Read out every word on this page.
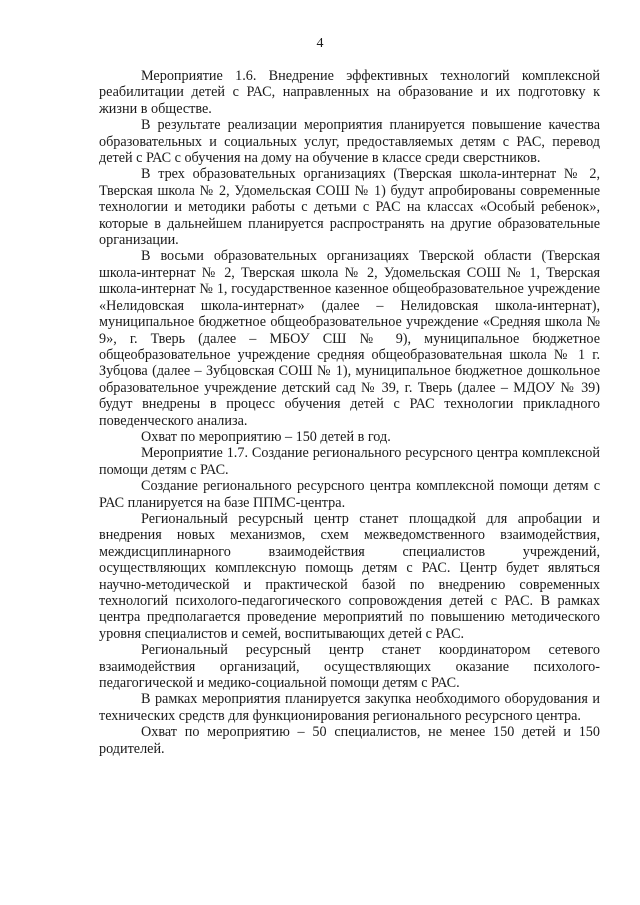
4

Мероприятие 1.6. Внедрение эффективных технологий комплексной реабилитации детей с РАС, направленных на образование и их подготовку к жизни в обществе.

В результате реализации мероприятия планируется повышение качества образовательных и социальных услуг, предоставляемых детям с РАС, перевод детей с РАС с обучения на дому на обучение в классе среди сверстников.

В трех образовательных организациях (Тверская школа-интернат № 2, Тверская школа № 2, Удомельская СОШ № 1) будут апробированы современные технологии и методики работы с детьми с РАС на классах «Особый ребенок», которые в дальнейшем планируется распространять на другие образовательные организации.

В восьми образовательных организациях Тверской области (Тверская школа-интернат № 2, Тверская школа № 2, Удомельская СОШ № 1, Тверская школа-интернат № 1, государственное казенное общеобразовательное учреждение «Нелидовская школа-интернат» (далее – Нелидовская школа-интернат), муниципальное бюджетное общеобразовательное учреждение «Средняя школа № 9», г. Тверь (далее – МБОУ СШ № 9), муниципальное бюджетное общеобразовательное учреждение средняя общеобразовательная школа № 1 г. Зубцова (далее – Зубцовская СОШ № 1), муниципальное бюджетное дошкольное образовательное учреждение детский сад № 39, г. Тверь (далее – МДОУ № 39) будут внедрены в процесс обучения детей с РАС технологии прикладного поведенческого анализа.

Охват по мероприятию – 150 детей в год.

Мероприятие 1.7. Создание регионального ресурсного центра комплексной помощи детям с РАС.

Создание регионального ресурсного центра комплексной помощи детям с РАС планируется на базе ППМС-центра.

Региональный ресурсный центр станет площадкой для апробации и внедрения новых механизмов, схем межведомственного взаимодействия, междисциплинарного взаимодействия специалистов учреждений, осуществляющих комплексную помощь детям с РАС. Центр будет являться научно-методической и практической базой по внедрению современных технологий психолого-педагогического сопровождения детей с РАС. В рамках центра предполагается проведение мероприятий по повышению методического уровня специалистов и семей, воспитывающих детей с РАС.

Региональный ресурсный центр станет координатором сетевого взаимодействия организаций, осуществляющих оказание психолого-педагогической и медико-социальной помощи детям с РАС.

В рамках мероприятия планируется закупка необходимого оборудования и технических средств для функционирования регионального ресурсного центра.

Охват по мероприятию – 50 специалистов, не менее 150 детей и 150 родителей.
